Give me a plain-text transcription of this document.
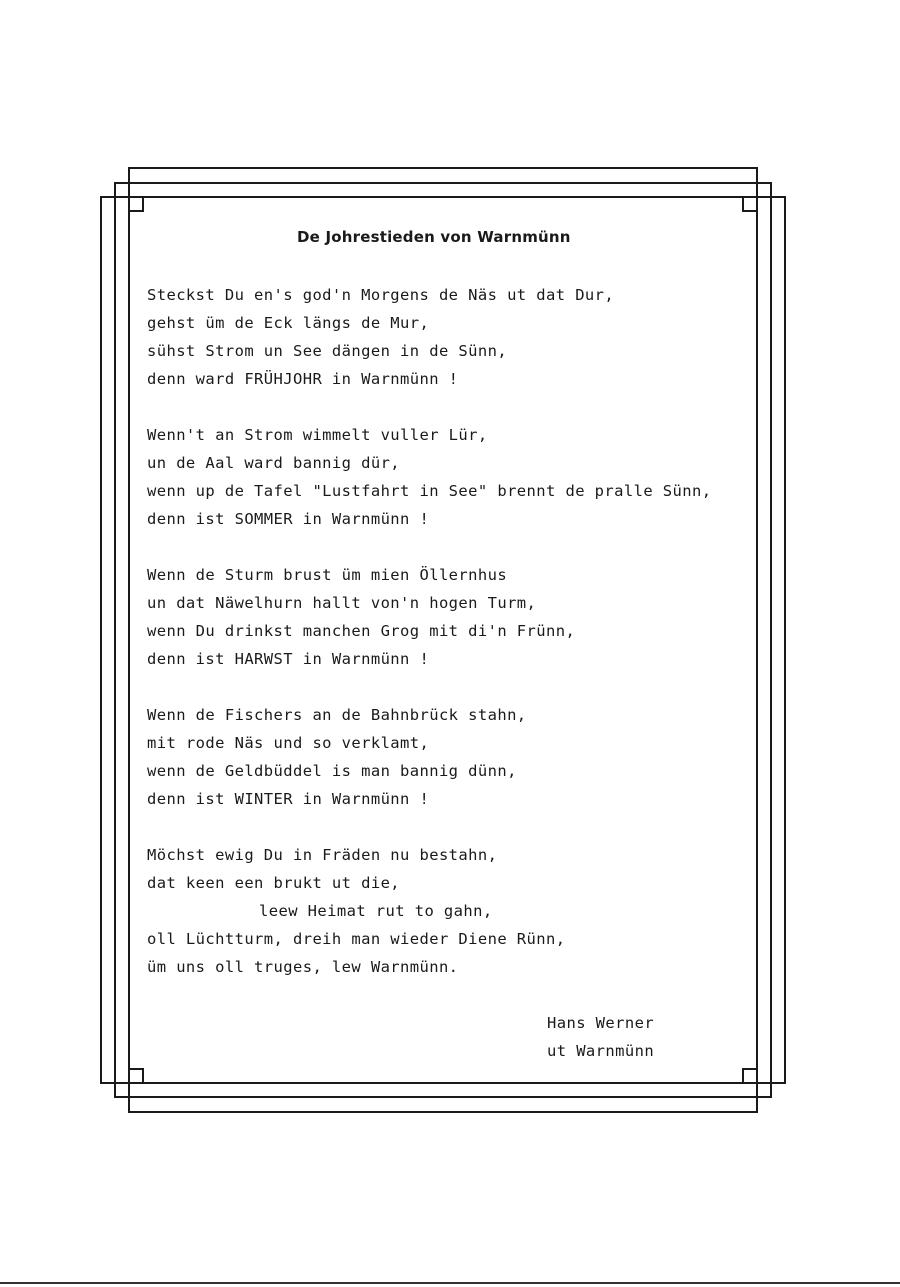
De Johrestieden von Warnmünn

Steckst Du en's god'n Morgens de Näs ut dat Dur,

gehst üm de Eck längs de Mur,

sühst Strom un See dängen in de Sünn,

denn ward FRÜHJOHR in Warnmünn !

Wenn't an Strom wimmelt vuller Lür,

un de Aal ward bannig dür,

wenn up de Tafel "Lustfahrt in See" brennt de pralle Sünn,

denn ist SOMMER in Warnmünn !

Wenn de Sturm brust üm mien Öllernhus

un dat Näwelhurn hallt von'n hogen Turm,

wenn Du drinkst manchen Grog mit di'n Frünn,

denn ist HARWST in Warnmünn !

Wenn de Fischers an de Bahnbrück stahn,

mit rode Näs und so verklamt,

wenn de Geldbüddel is man bannig dünn,

denn ist WINTER in Warnmünn !

Möchst ewig Du in Fräden nu bestahn,

dat keen een brukt ut die,

leew Heimat rut to gahn,

oll Lüchtturm, dreih man wieder Diene Rünn,

üm uns oll truges, lew Warnmünn.

Hans Werner

ut Warnmünn
